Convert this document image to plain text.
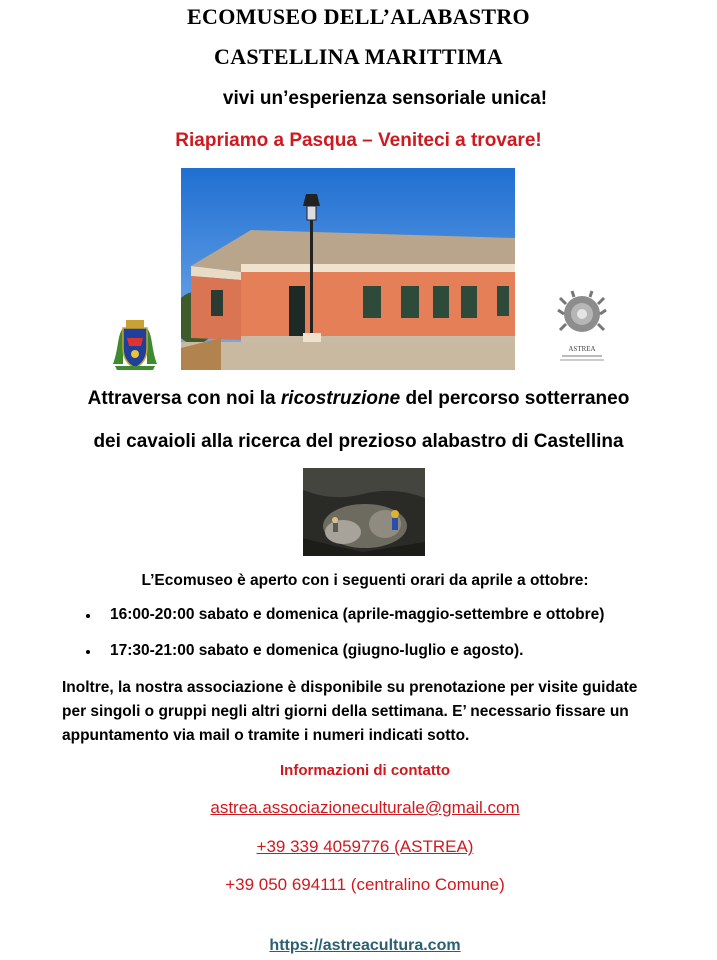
ECOMUSEO DELL’ALABASTRO
CASTELLINA MARITTIMA
vivi un’esperienza sensoriale unica!
Riapriamo a Pasqua – Veniteci a trovare!
ASTREA
Attraversa con noi la ricostruzione del percorso sotterraneo
dei cavaioli alla ricerca del prezioso alabastro di Castellina
L’Ecomuseo è aperto con i seguenti orari da aprile a ottobre:
16:00-20:00 sabato e domenica (aprile-maggio-settembre e ottobre)
17:30-21:00 sabato e domenica (giugno-luglio e agosto).
Inoltre, la nostra associazione è disponibile su prenotazione per visite guidate
per singoli o gruppi negli altri giorni della settimana. E’ necessario fissare un
appuntamento via mail o tramite i numeri indicati sotto.
Informazioni di contatto
astrea.associazioneculturale@gmail.com
+39 339 4059776 (ASTREA)
+39 050 694111 (centralino Comune)
https://astreacultura.com
